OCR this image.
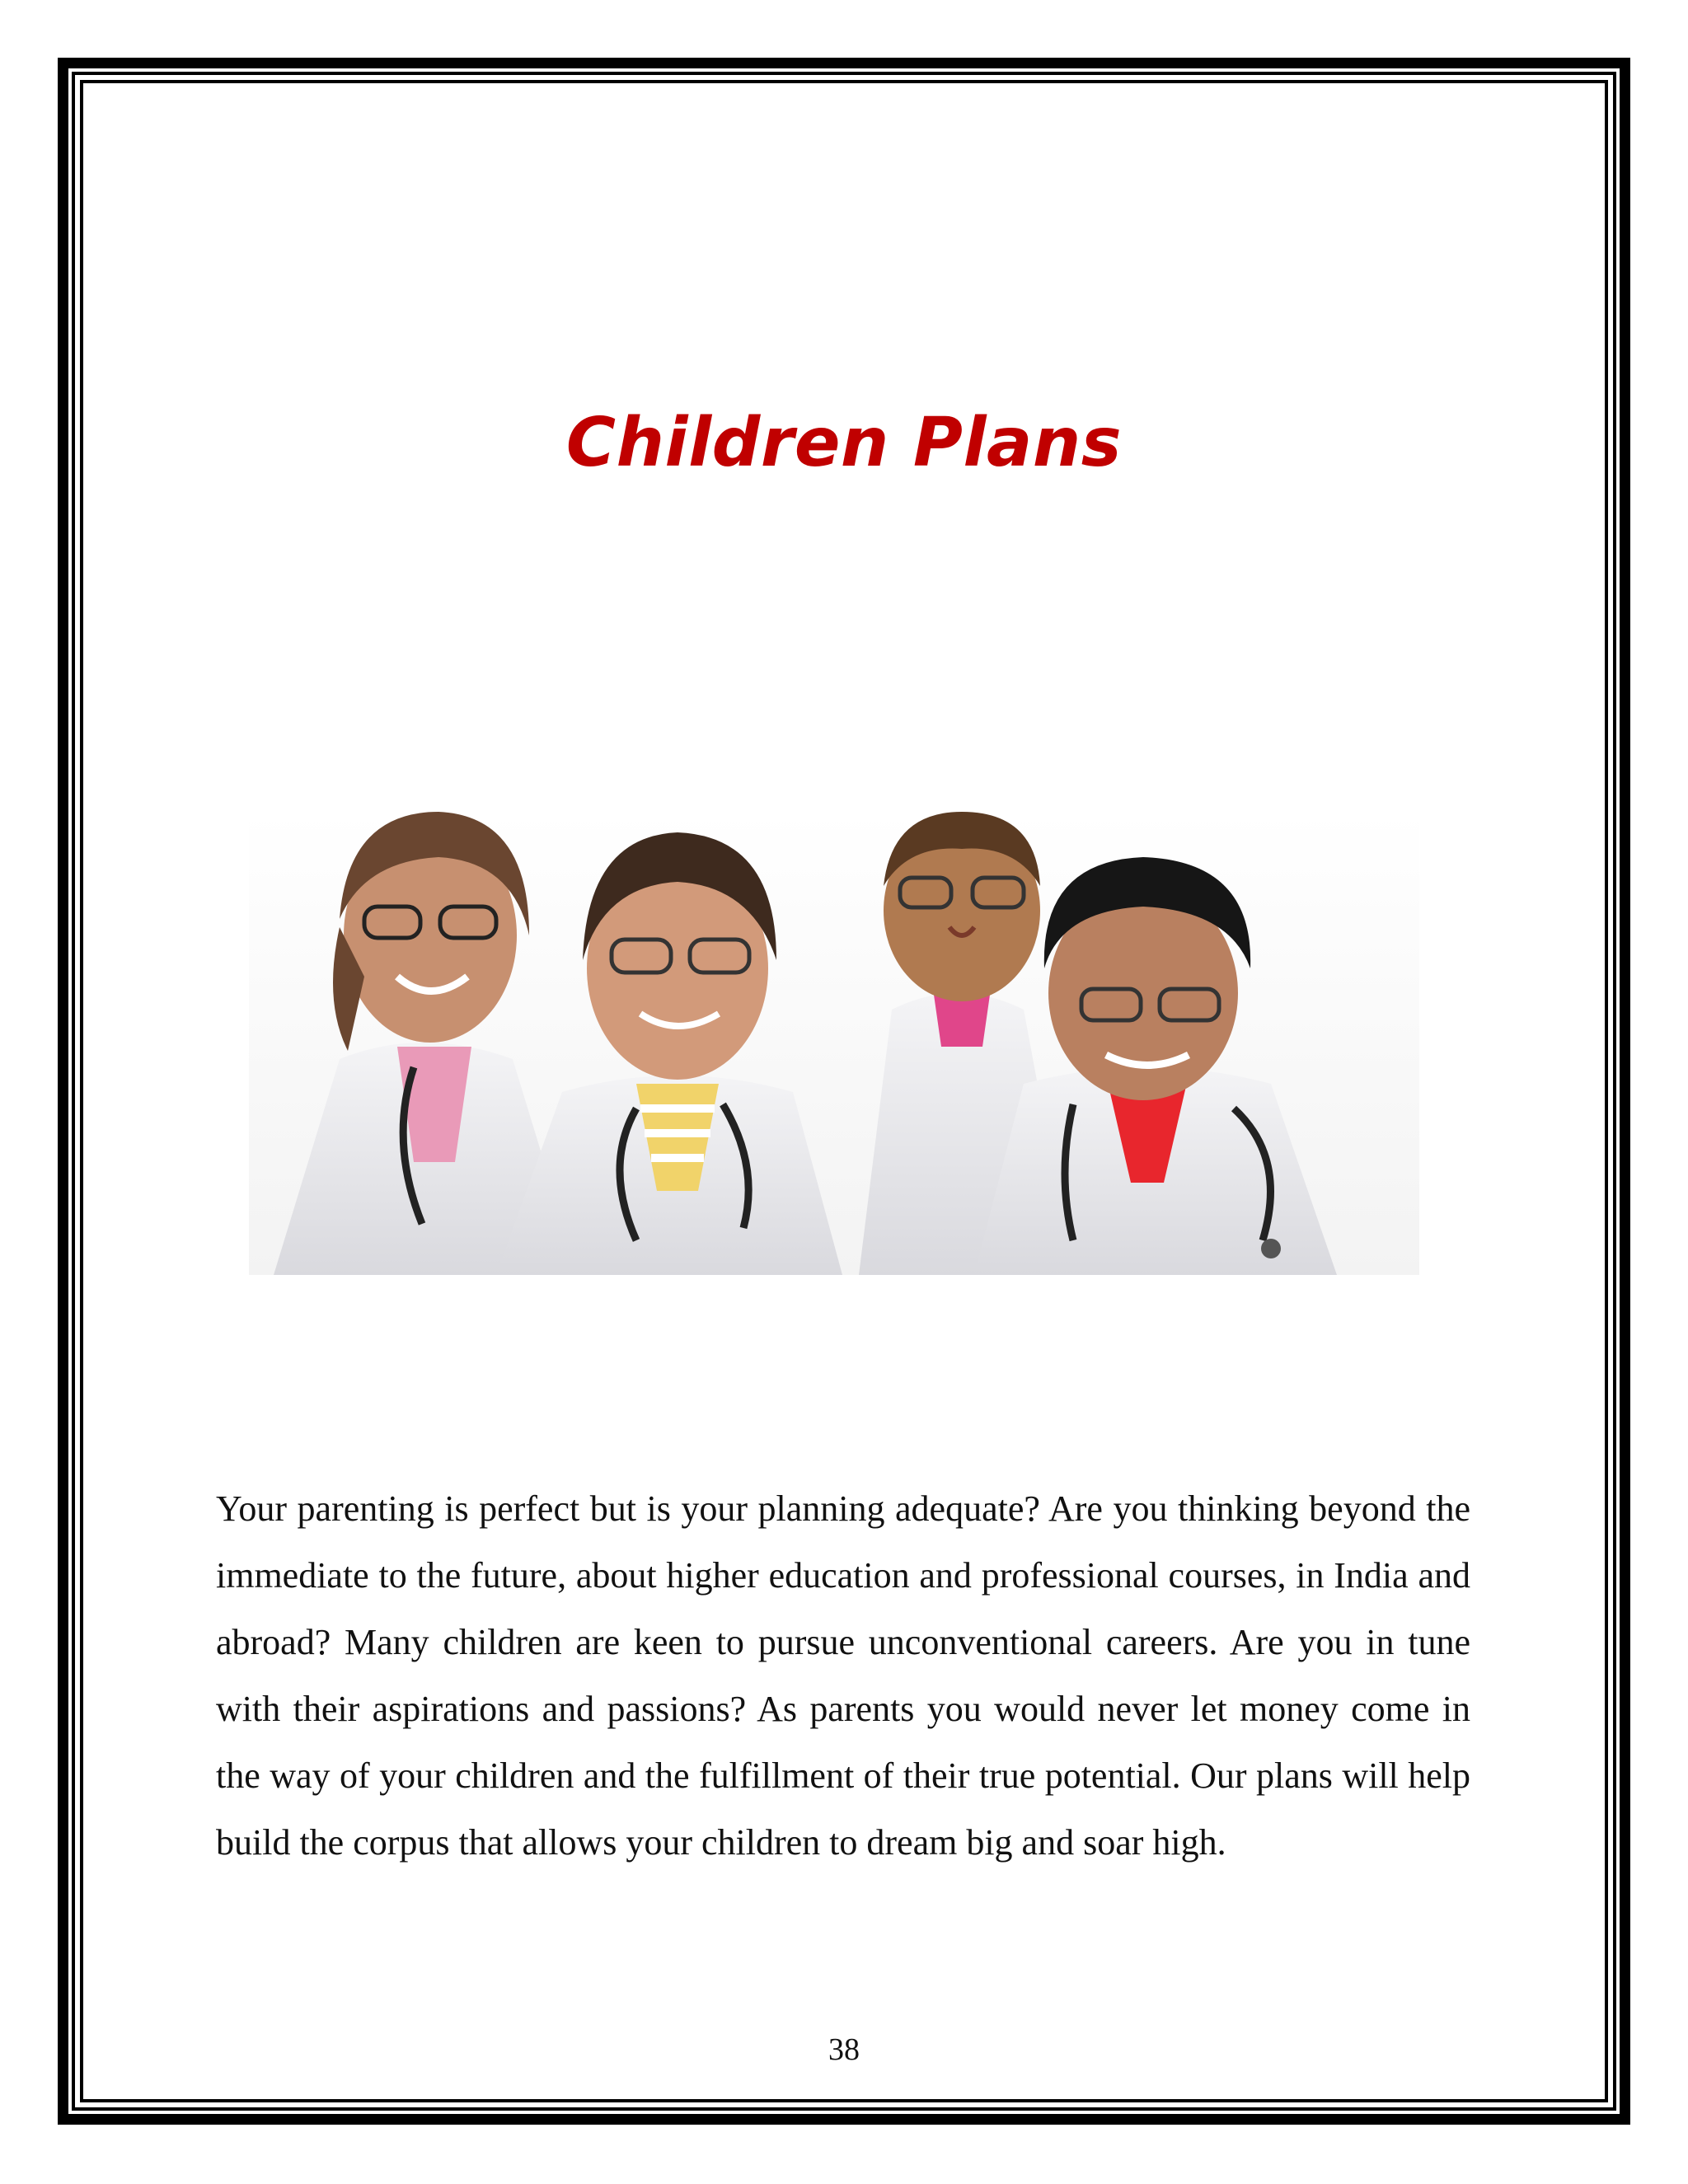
Children Plans

Your parenting is perfect but is your planning adequate? Are you thinking beyond the immediate to the future, about higher education and professional courses, in India and abroad? Many children are keen to pursue unconventional careers. Are you in tune with their aspirations and passions? As parents you would never let money come in the way of your children and the fulfillment of their true potential. Our plans will help build the corpus that allows your children to dream big and soar high.

38
